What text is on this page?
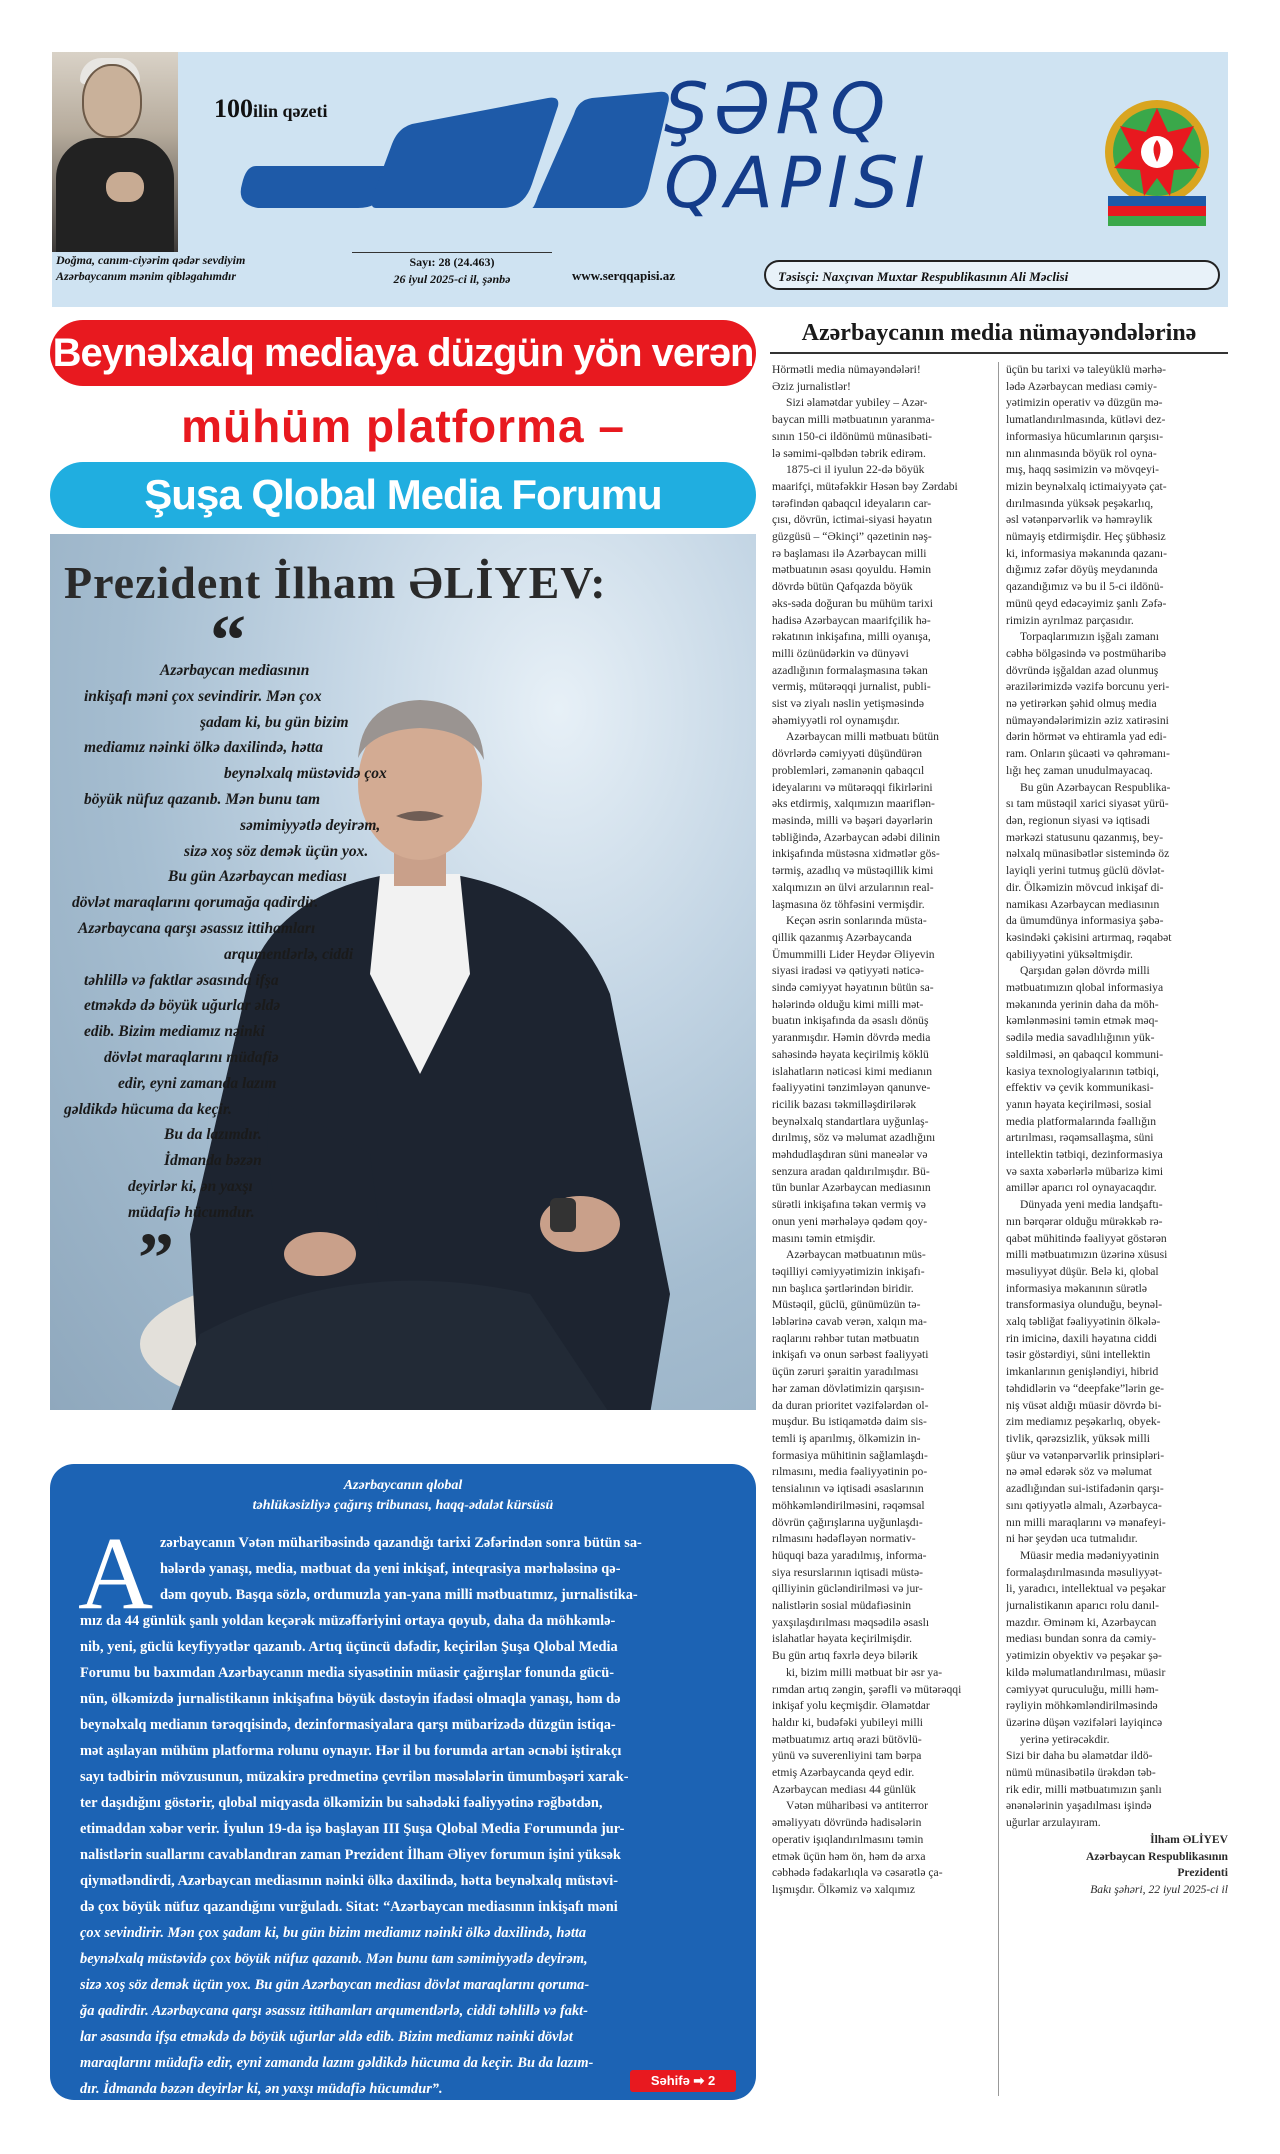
Doğma, canım-ciyərim qədər sevdiyim
Azərbaycanım mənim qibləgahımdır
100ilin qəzeti
Sayı: 28 (24.463)
26 iyul 2025-ci il, şənbə	www.serqqapisi.az
ŞƏRQ
QAPISI
Təsisçi: Naxçıvan Muxtar Respublikasının Ali Məclisi
Beynəlxalq mediaya düzgün yön verən
mühüm platforma –
Şuşa Qlobal Media Forumu
Prezident İlham ƏLİYEV:
“
Azərbaycan mediasının
inkişafı məni çox sevindirir. Mən çox
şadam ki, bu gün bizim
mediamız nəinki ölkə daxilində, hətta
beynəlxalq müstəvidə çox
böyük nüfuz qazanıb. Mən bunu tam
səmimiyyətlə deyirəm,
sizə xoş söz demək üçün yox.
Bu gün Azərbaycan mediası
dövlət maraqlarını qorumağa qadirdir.
Azərbaycana qarşı əsassız ittihamları
arqumentlərlə, ciddi
təhlillə və faktlar əsasında ifşa
etməkdə də böyük uğurlar əldə
edib. Bizim mediamız nəinki
dövlət maraqlarını müdafiə
edir, eyni zamanda lazım
gəldikdə hücuma da keçir.
Bu da lazımdır.
İdmanda bəzən
deyirlər ki, ən yaxşı
müdafiə hücumdur.
”
Azərbaycanın qlobal
təhlükəsizliyə çağırış tribunası, haqq-ədalət kürsüsü
A zərbaycanın Vətən müharibəsində qazandığı tarixi Zəfərindən sonra bütün sa-
hələrdə yanaşı, media, mətbuat da yeni inkişaf, inteqrasiya mərhələsinə qə-
dəm qoyub. Başqa sözlə, ordumuzla yan-yana milli mətbuatımız, jurnalistika-
mız da 44 günlük şanlı yoldan keçərək müzəffəriyini ortaya qoyub, daha da möhkəmlə-
nib, yeni, güclü keyfiyyətlər qazanıb. Artıq üçüncü dəfədir, keçirilən Şuşa Qlobal Media
Forumu bu baxımdan Azərbaycanın media siyasətinin müasir çağırışlar fonunda gücü-
nün, ölkəmizdə jurnalistikanın inkişafına böyük dəstəyin ifadəsi olmaqla yanaşı, həm də
beynəlxalq medianın tərəqqisində, dezinformasiyalara qarşı mübarizədə düzgün istiqa-
mət aşılayan mühüm platforma rolunu oynayır. Hər il bu forumda artan əcnəbi iştirakçı
sayı tədbirin mövzusunun, müzakirə predmetinə çevrilən məsələlərin ümumbəşəri xarak-
ter daşıdığını göstərir, qlobal miqyasda ölkəmizin bu sahədəki fəaliyyətinə rəğbətdən,
etimaddan xəbər verir. İyulun 19-da işə başlayan III Şuşa Qlobal Media Forumunda jur-
nalistlərin suallarını cavablandıran zaman Prezident İlham Əliyev forumun işini yüksək
qiymətləndirdi, Azərbaycan mediasının nəinki ölkə daxilində, hətta beynəlxalq müstəvi-
də çox böyük nüfuz qazandığını vurğuladı. Sitat: “Azərbaycan mediasının inkişafı məni
çox sevindirir. Mən çox şadam ki, bu gün bizim mediamız nəinki ölkə daxilində, hətta
beynəlxalq müstəvidə çox böyük nüfuz qazanıb. Mən bunu tam səmimiyyətlə deyirəm,
sizə xoş söz demək üçün yox. Bu gün Azərbaycan mediası dövlət maraqlarını qoruma-
ğa qadirdir. Azərbaycana qarşı əsassız ittihamları arqumentlərlə, ciddi təhlillə və fakt-
lar əsasında ifşa etməkdə də böyük uğurlar əldə edib. Bizim mediamız nəinki dövlət
maraqlarını müdafiə edir, eyni zamanda lazım gəldikdə hücuma da keçir. Bu da lazım-
dır. İdmanda bəzən deyirlər ki, ən yaxşı müdafiə hücumdur”.
Səhifə ➡ 2
Azərbaycanın media nümayəndələrinə
Hörmətli media nümayəndələri!
Əziz jurnalistlər!
Sizi əlamətdar yubiley – Azər-
baycan milli mətbuatının yaranma-
sının 150-ci ildönümü münasibəti-
lə səmimi-qəlbdən təbrik edirəm.
1875-ci il iyulun 22-də böyük
maarifçi, mütəfəkkir Həsən bəy Zərdabi
tərəfindən qabaqcıl ideyaların car-
çısı, dövrün, ictimai-siyasi həyatın
güzgüsü – “Əkinçi” qəzetinin nəş-
rə başlaması ilə Azərbaycan milli
mətbuatının əsası qoyuldu. Həmin
dövrdə bütün Qafqazda böyük
əks-səda doğuran bu mühüm tarixi
hadisə Azərbaycan maarifçilik hə-
rəkatının inkişafına, milli oyanışa,
milli özünüdərkin və dünyəvi
azadlığının formalaşmasına təkan
vermiş, mütərəqqi jurnalist, publi-
sist və ziyalı nəslin yetişməsində
əhəmiyyətli rol oynamışdır.
Azərbaycan milli mətbuatı bütün
dövrlərdə cəmiyyəti düşündürən
problemləri, zəmanənin qabaqcıl
ideyalarını və mütərəqqi fikirlərini
əks etdirmiş, xalqımızın maariflən-
məsində, milli və bəşəri dəyərlərin
təbliğində, Azərbaycan ədəbi dilinin
inkişafında müstəsna xidmətlər gös-
tərmiş, azadlıq və müstəqillik kimi
xalqımızın ən ülvi arzularının real-
laşmasına öz töhfəsini vermişdir.
Keçən əsrin sonlarında müsta-
qillik qazanmış Azərbaycanda
Ümummilli Lider Heydər Əliyevin
siyasi iradəsi və qətiyyəti nəticə-
sində cəmiyyət həyatının bütün sa-
hələrində olduğu kimi milli mət-
buatın inkişafında da əsaslı dönüş
yaranmışdır. Həmin dövrdə media
sahəsində həyata keçirilmiş köklü
islahatların nəticəsi kimi medianın
fəaliyyətini tənzimləyən qanunve-
ricilik bazası təkmilləşdirilərək
beynəlxalq standartlara uyğunlaş-
dırılmış, söz və məlumat azadlığını
məhdudlaşdıran süni maneələr və
senzura aradan qaldırılmışdır. Bü-
tün bunlar Azərbaycan mediasının
sürətli inkişafına təkan vermiş və
onun yeni mərhələyə qədəm qoy-
masını təmin etmişdir.
Azərbaycan mətbuatının müs-
təqilliyi cəmiyyətimizin inkişafı-
nın başlıca şərtlərindən biridir.
Müstəqil, güclü, günümüzün tə-
ləblərinə cavab verən, xalqın ma-
raqlarını rəhbər tutan mətbuatın
inkişafı və onun sərbəst fəaliyyəti
üçün zəruri şəraitin yaradılması
hər zaman dövlətimizin qarşısın-
da duran prioritet vəzifələrdən ol-
muşdur. Bu istiqamətdə daim sis-
temli iş aparılmış, ölkəmizin in-
formasiya mühitinin sağlamlaşdı-
rılmasını, media fəaliyyətinin po-
tensialının və iqtisadi əsaslarının
möhkəmləndirilməsini, rəqəmsal
dövrün çağırışlarına uyğunlaşdı-
rılmasını hədəfləyən normativ-
hüquqi baza yaradılmış, informa-
siya resurslarının iqtisadi müstə-
qilliyinin gücləndirilməsi və jur-
nalistlərin sosial müdafiəsinin
yaxşılaşdırılması məqsədilə əsaslı
islahatlar həyata keçirilmişdir.
Bu gün artıq fəxrlə deyə bilərik
ki, bizim milli mətbuat bir əsr ya-
rımdan artıq zəngin, şərəfli və mütərəqqi
inkişaf yolu keçmişdir. Əlamətdar
haldır ki, budəfəki yubileyi milli
mətbuatımız artıq ərazi bütövlü-
yünü və suverenliyini tam bərpa
etmiş Azərbaycanda qeyd edir.
Azərbaycan mediası 44 günlük
Vətən müharibəsi və antiterror
əməliyyatı dövründə hadisələrin
operativ işıqlandırılmasını təmin
etmək üçün həm ön, həm də arxa
cəbhədə fədakarlıqla və cəsarətlə ça-
lışmışdır. Ölkəmiz və xalqımız
üçün bu tarixi və taleyüklü mərhə-
lədə Azərbaycan mediası cəmiy-
yətimizin operativ və düzgün mə-
lumatlandırılmasında, kütləvi dez-
informasiya hücumlarının qarşısı-
nın alınmasında böyük rol oyna-
mış, haqq səsimizin və mövqeyi-
mizin beynəlxalq ictimaiyyətə çat-
dırılmasında yüksək peşəkarlıq,
əsl vətənpərvərlik və həmrəylik
nümayiş etdirmişdir. Heç şübhəsiz
ki, informasiya məkanında qazanı-
dığımız zəfər döyüş meydanında
qazandığımız və bu il 5-ci ildönü-
münü qeyd edəcəyimiz şanlı Zəfə-
rimizin ayrılmaz parçasıdır.
Torpaqlarımızın işğalı zamanı
cəbhə bölgəsində və postmüharibə
dövründə işğaldan azad olunmuş
ərazilərimizdə vəzifə borcunu yeri-
nə yetirərkən şəhid olmuş media
nümayəndələrimizin əziz xatirəsini
dərin hörmət və ehtiramla yad edi-
ram. Onların şücaəti və qəhrəmanı-
lığı heç zaman unudulmayacaq.
Bu gün Azərbaycan Respublika-
sı tam müstəqil xarici siyasət yürü-
dən, regionun siyasi və iqtisadi
mərkəzi statusunu qazanmış, bey-
nəlxalq münasibətlər sistemində öz
layiqli yerini tutmuş güclü dövlət-
dir. Ölkəmizin mövcud inkişaf di-
namikası Azərbaycan mediasının
da ümumdünya informasiya şəbə-
kəsindəki çəkisini artırmaq, rəqabət
qabiliyyətini yüksəltmişdir.
Qarşıdan gələn dövrdə milli
mətbuatımızın qlobal informasiya
məkanında yerinin daha da möh-
kəmlənməsini təmin etmək məq-
sədilə media savadlılığının yük-
səldilməsi, ən qabaqcıl kommuni-
kasiya texnologiyalarının tətbiqi,
effektiv və çevik kommunikasi-
yanın həyata keçirilməsi, sosial
media platformalarında fəallığın
artırılması, rəqəmsallaşma, süni
intellektin tətbiqi, dezinformasiya
və saxta xəbərlərlə mübarizə kimi
amillər aparıcı rol oynayacaqdır.
Dünyada yeni media landşaftı-
nın bərqərar olduğu mürəkkəb rə-
qabət mühitində fəaliyyət göstərən
milli mətbuatımızın üzərinə xüsusi
məsuliyyət düşür. Belə ki, qlobal
informasiya məkanının sürətlə
transformasiya olunduğu, beynəl-
xalq təbliğat fəaliyyətinin ölkələ-
rin imicinə, daxili həyatına ciddi
təsir göstərdiyi, süni intellektin
imkanlarının genişləndiyi, hibrid
təhdidlərin və “deepfake”lərin ge-
niş vüsət aldığı müasir dövrdə bi-
zim mediamız peşəkarlıq, obyek-
tivlik, qərəzsizlik, yüksək milli
şüur və vətənpərvərlik prinsipləri-
nə əməl edərək söz və məlumat
azadlığından sui-istifadənin qarşı-
sını qətiyyətlə almalı, Azərbayca-
nın milli maraqlarını və mənafeyi-
ni hər şeydən uca tutmalıdır.
Müasir media mədəniyyətinin
formalaşdırılmasında məsuliyyət-
li, yaradıcı, intellektual və peşəkar
jurnalistikanın aparıcı rolu danıl-
mazdır. Əminəm ki, Azərbaycan
mediası bundan sonra da cəmiy-
yətimizin obyektiv və peşəkar şə-
kildə məlumatlandırılması, müasir
cəmiyyət quruculuğu, milli həm-
rəyliyin möhkəmləndirilməsində
üzərinə düşən vəzifələri layiqincə
yerinə yetirəcəkdir.
Sizi bir daha bu əlamətdar ildö-
nümü münasibətilə ürəkdən təb-
rik edir, milli mətbuatımızın şanlı
ənənələrinin yaşadılması işində
uğurlar arzulayıram.
İlham ƏLİYEV
Azərbaycan Respublikasının
Prezidenti
Bakı şəhəri, 22 iyul 2025-ci il
